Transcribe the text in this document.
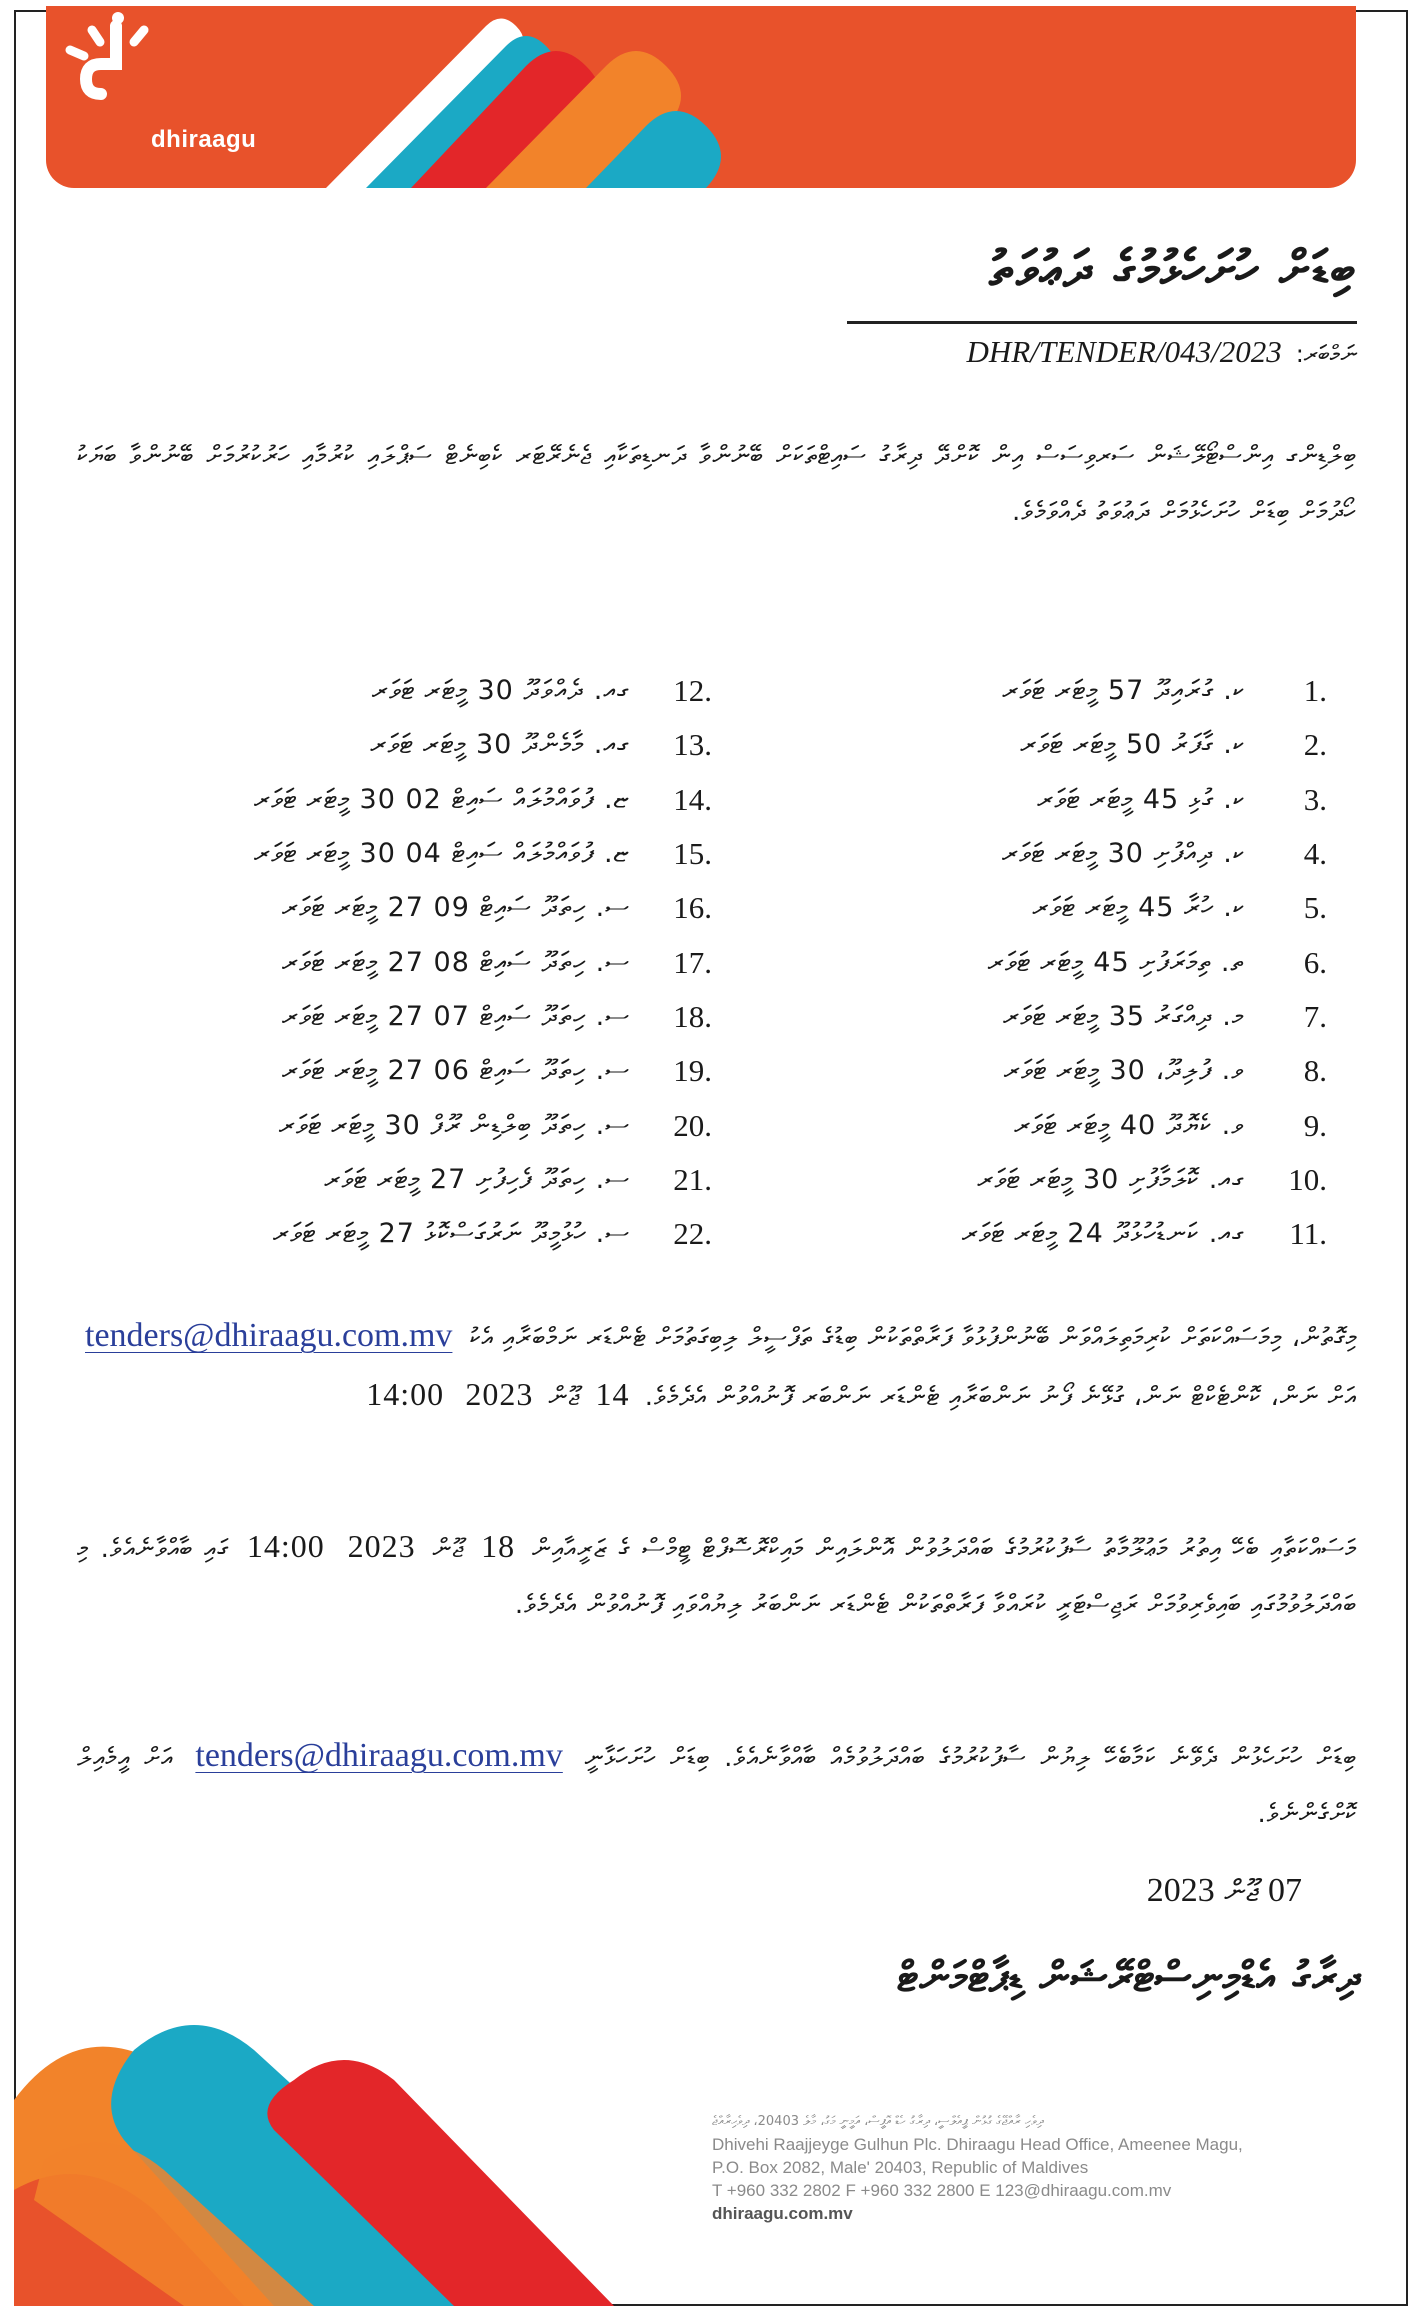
dhiraagu
ބިޑަށް ހުށަހެޅުމުގެ ދަޢުވަތު
ނަމްބަރ:
DHR/TENDER/043/2023
ބިލްޑިންގ އިންސްޓޯލޭޝަން ސަރވިސަސް އިން ކޮށްދޭ ދިރާގު ސައިޓްތަކަށް ބޭނުންވާ ދަނޑިތަކާއި ޖެނެރޭޓަރ ކެބިނެޓް ސަޕްލައި ކުރުމާއި ހަރުކުރުމަށް ބޭނުންވާ ބަޔަކު ހޯދުމަށް ބިޑަށް ހުށަހެޅުމަށް ދަޢުވަތު ދެއްވަމެވެ.
1.
ކ. ގުރައިދޫ 57 މީޓަރ ޓަވަރ
2.
ކ. ގާފަރު 50 މީޓަރ ޓަވަރ
3.
ކ. ގުޅި 45 މީޓަރ ޓަވަރ
4.
ކ. ދިއްފުށި 30 މީޓަރ ޓަވަރ
5.
ކ. ހުރާ 45 މީޓަރ ޓަވަރ
6.
ތ. ތިމަރަފުށި 45 މީޓަރ ޓަވަރ
7.
މ. ދިއްގަރު 35 މީޓަރ ޓަވަރ
8.
ވ. ފުލިދޫ، 30 މީޓަރ ޓަވަރ
9.
ވ. ކެޔޮދޫ 40 މީޓަރ ޓަވަރ
10.
ގއ. ކޮލަމާފުށި 30 މީޓަރ ޓަވަރ
11.
ގއ. ކަނޑުހުޅުދޫ 24 މީޓަރ ޓަވަރ
12.
ގއ. ދެއްވަދޫ 30 މީޓަރ ޓަވަރ
13.
ގއ. މާމެންދޫ 30 މީޓަރ ޓަވަރ
14.
ޏ. ފުވައްމުލައް ސައިޓް 02 30 މީޓަރ ޓަވަރ
15.
ޏ. ފުވައްމުލައް ސައިޓް 04 30 މީޓަރ ޓަވަރ
16.
ސ. ހިތަދޫ ސައިޓް 09 27 މީޓަރ ޓަވަރ
17.
ސ. ހިތަދޫ ސައިޓް 08 27 މީޓަރ ޓަވަރ
18.
ސ. ހިތަދޫ ސައިޓް 07 27 މީޓަރ ޓަވަރ
19.
ސ. ހިތަދޫ ސައިޓް 06 27 މީޓަރ ޓަވަރ
20.
ސ. ހިތަދޫ ބިލްޑިން ރޫފް 30 މީޓަރ ޓަވަރ
21.
ސ. ހިތަދޫ ފެހިފުށި 27 މީޓަރ ޓަވަރ
22.
ސ. ހުޅުމީދޫ ނަރުގަސްކޮޅު 27 މީޓަރ ޓަވަރ
މިގޮތުން، މިމަސައްކަތަށް ކުރިމަތިލައްވަން ބޭނުންފުޅުވާ ފަރާތްތަކުން ބިޑުގެ ތަފްސީލް ލިބިގަތުމަށް ޓެންޑަރ ނަމްބަރާއި އެކު tenders@dhiraagu.com.mv އަށް ނަން، ކޮންޓެކްޓް ނަން، ގުޅޭނެ ފޯނު ނަންބަރާއި ޓެންޑަރ ނަންބަރ ފޮނުއްވުން އެދެމެވެ. 14 ޖޫން 2023 14:00
މަސައްކަތާއި ބެހޭ އިތުރު މަޢުލޫމާތު ސާފުކުރުމުގެ ބައްދަލުވުން އޮންލައިން މައިކްރޮސޮފްޓް ޓީމްސް ގެ ޒަރީއާއިން 18 ޖޫން 2023 14:00 ގައި ބާއްވާނެއެވެ. މި ބައްދަލުވުމުގައި ބައިވެރިވުމަށް ރަޖިސްޓަރީ ކުރައްވާ ފަރާތްތަކުން ޓެންޑަރ ނަންބަރު ލިޔުއްވައި ފޮނުއްވުން އެދެމެވެ.
ބިޑަށް ހުށަހެޅުން ދެވޭނެ ކަމާބެހޭ ލިޔުން ސާފުކުރުމުގެ ބައްދަލުވުމެއް ބާއްވާނެއެވެ. ބިޑަށް ހުށަހަޅާނީ tenders@dhiraagu.com.mv އަށް އީމެއިލް ކޮށްގެންނެވެ.
07 ޖޫން 2023
ދިރާގު އެޑްމިނިސްޓްރޭޝަން ޑިޕާޓްމަންޓް
ދިވެހި ރާއްޖޭގެ ގުޅުން ޕީއެލްސީ، ދިރާގު ހެޑް އޮފީސް، އަމީނީ މަގު، މާލެ 20403، ދިވެހިރާއްޖެ
Dhivehi Raajjeyge Gulhun Plc. Dhiraagu Head Office, Ameenee Magu,
P.O. Box 2082, Male' 20403, Republic of Maldives
T +960 332 2802 F +960 332 2800 E 123@dhiraagu.com.mv
dhiraagu.com.mv
